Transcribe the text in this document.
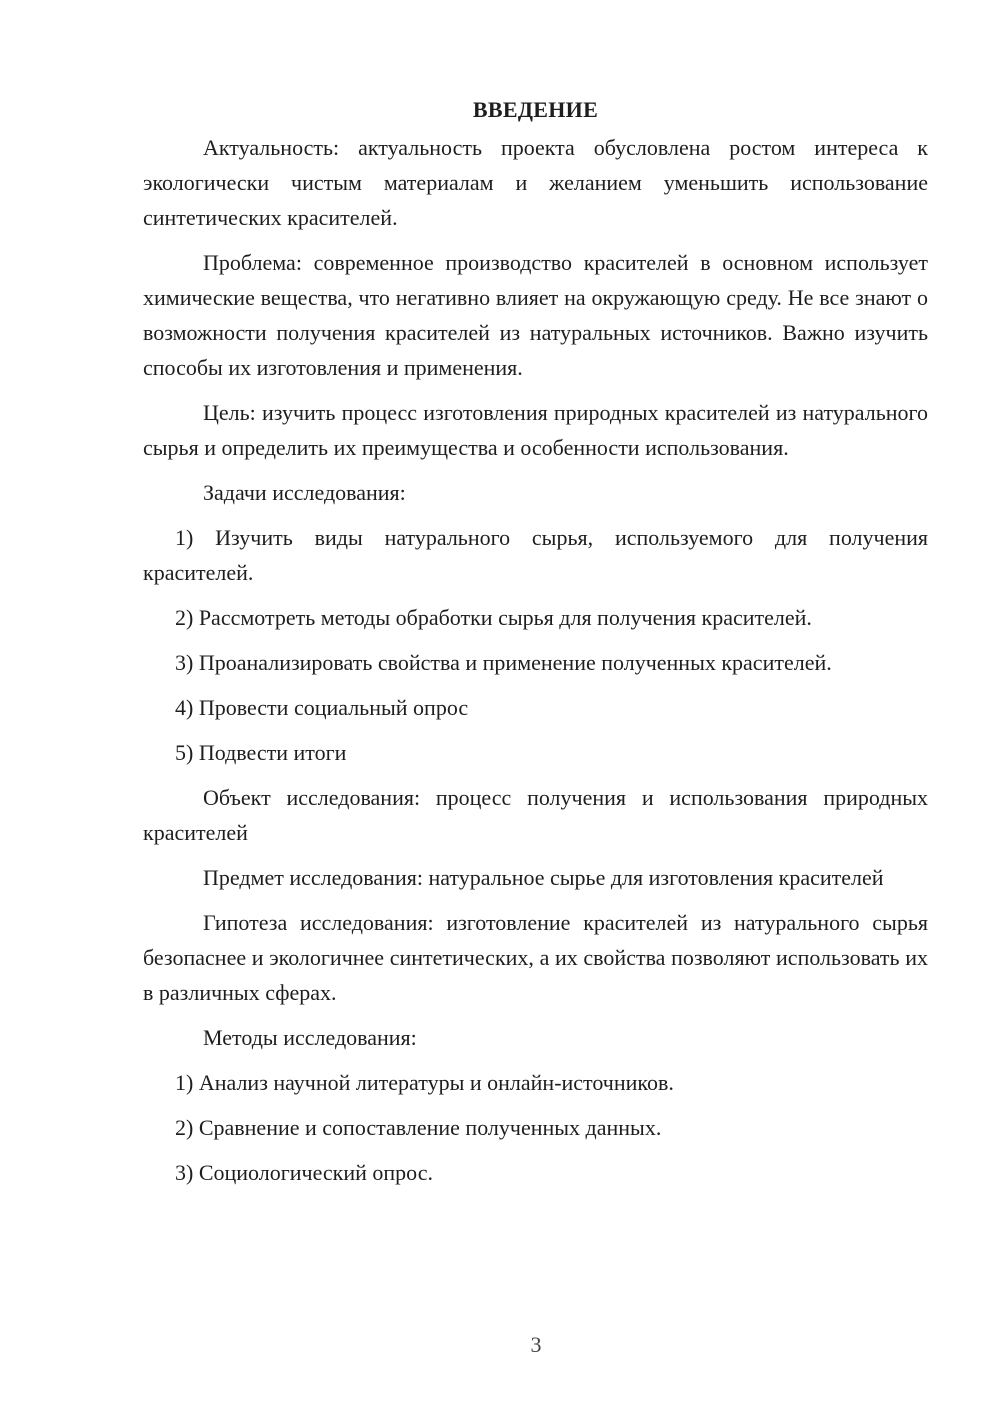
ВВЕДЕНИЕ

Актуальность: актуальность проекта обусловлена ростом интереса к экологически чистым материалам и желанием уменьшить использование синтетических красителей.

Проблема: современное производство красителей в основном использует химические вещества, что негативно влияет на окружающую среду. Не все знают о возможности получения красителей из натуральных источников. Важно изучить способы их изготовления и применения.

Цель: изучить процесс изготовления природных красителей из натурального сырья и определить их преимущества и особенности использования.

Задачи исследования:

1) Изучить виды натурального сырья, используемого для получения красителей.

2) Рассмотреть методы обработки сырья для получения красителей.

3) Проанализировать свойства и применение полученных красителей.

4) Провести социальный опрос

5) Подвести итоги

Объект исследования: процесс получения и использования природных красителей

Предмет исследования: натуральное сырье для изготовления красителей

Гипотеза исследования: изготовление красителей из натурального сырья безопаснее и экологичнее синтетических, а их свойства позволяют использовать их в различных сферах.

Методы исследования:

1) Анализ научной литературы и онлайн-источников.

2) Сравнение и сопоставление полученных данных.

3) Социологический опрос.

3
